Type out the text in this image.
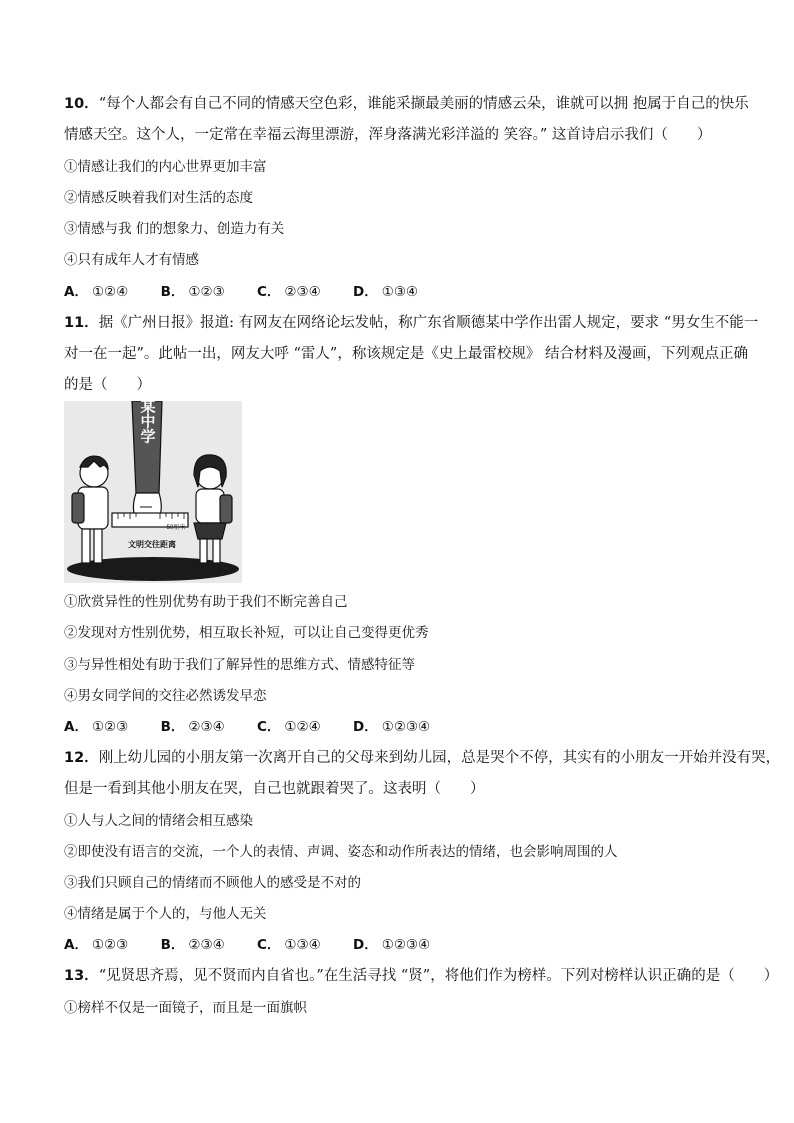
10．“每个人都会有自己不同的情感天空色彩，谁能采撷最美丽的情感云朵，谁就可以拥 抱属于自己的快乐
情感天空。这个人，一定常在幸福云海里漂游，浑身落满光彩洋溢的 笑容。” 这首诗启示我们（　　）
①情感让我们的内心世界更加丰富
②情感反映着我们对生活的态度
③情感与我 们的想象力、创造力有关
④只有成年人才有情感
A． ①②④ B． ①②③ C． ②③④ D． ①③④
11．据《广州日报》报道: 有网友在网络论坛发帖，称广东省顺德某中学作出雷人规定，要求 “男女生不能一
对一在一起”。此帖一出，网友大呼 “雷人”，称该规定是《史上最雷校规》 结合材料及漫画，下列观点正确
的是（　　）
某中学
50厘米
文明交往距离
①欣赏异性的性别优势有助于我们不断完善自己
②发现对方性别优势，相互取长补短，可以让自己变得更优秀
③与异性相处有助于我们了解异性的思维方式、情感特征等
④男女同学间的交往必然诱发早恋
A． ①②③ B． ②③④ C． ①②④ D． ①②③④
12．刚上幼儿园的小朋友第一次离开自己的父母来到幼儿园，总是哭个不停，其实有的小朋友一开始并没有哭，
但是一看到其他小朋友在哭，自己也就跟着哭了。这表明（　　）
①人与人之间的情绪会相互感染
②即使没有语言的交流，一个人的表情、声调、姿态和动作所表达的情绪，也会影响周围的人
③我们只顾自己的情绪而不顾他人的感受是不对的
④情绪是属于个人的，与他人无关
A． ①②③ B． ②③④ C． ①③④ D． ①②③④
13．“见贤思齐焉，见不贤而内自省也。”在生活寻找 “贤”，将他们作为榜样。下列对榜样认识正确的是（　　）
①榜样不仅是一面镜子，而且是一面旗帜
